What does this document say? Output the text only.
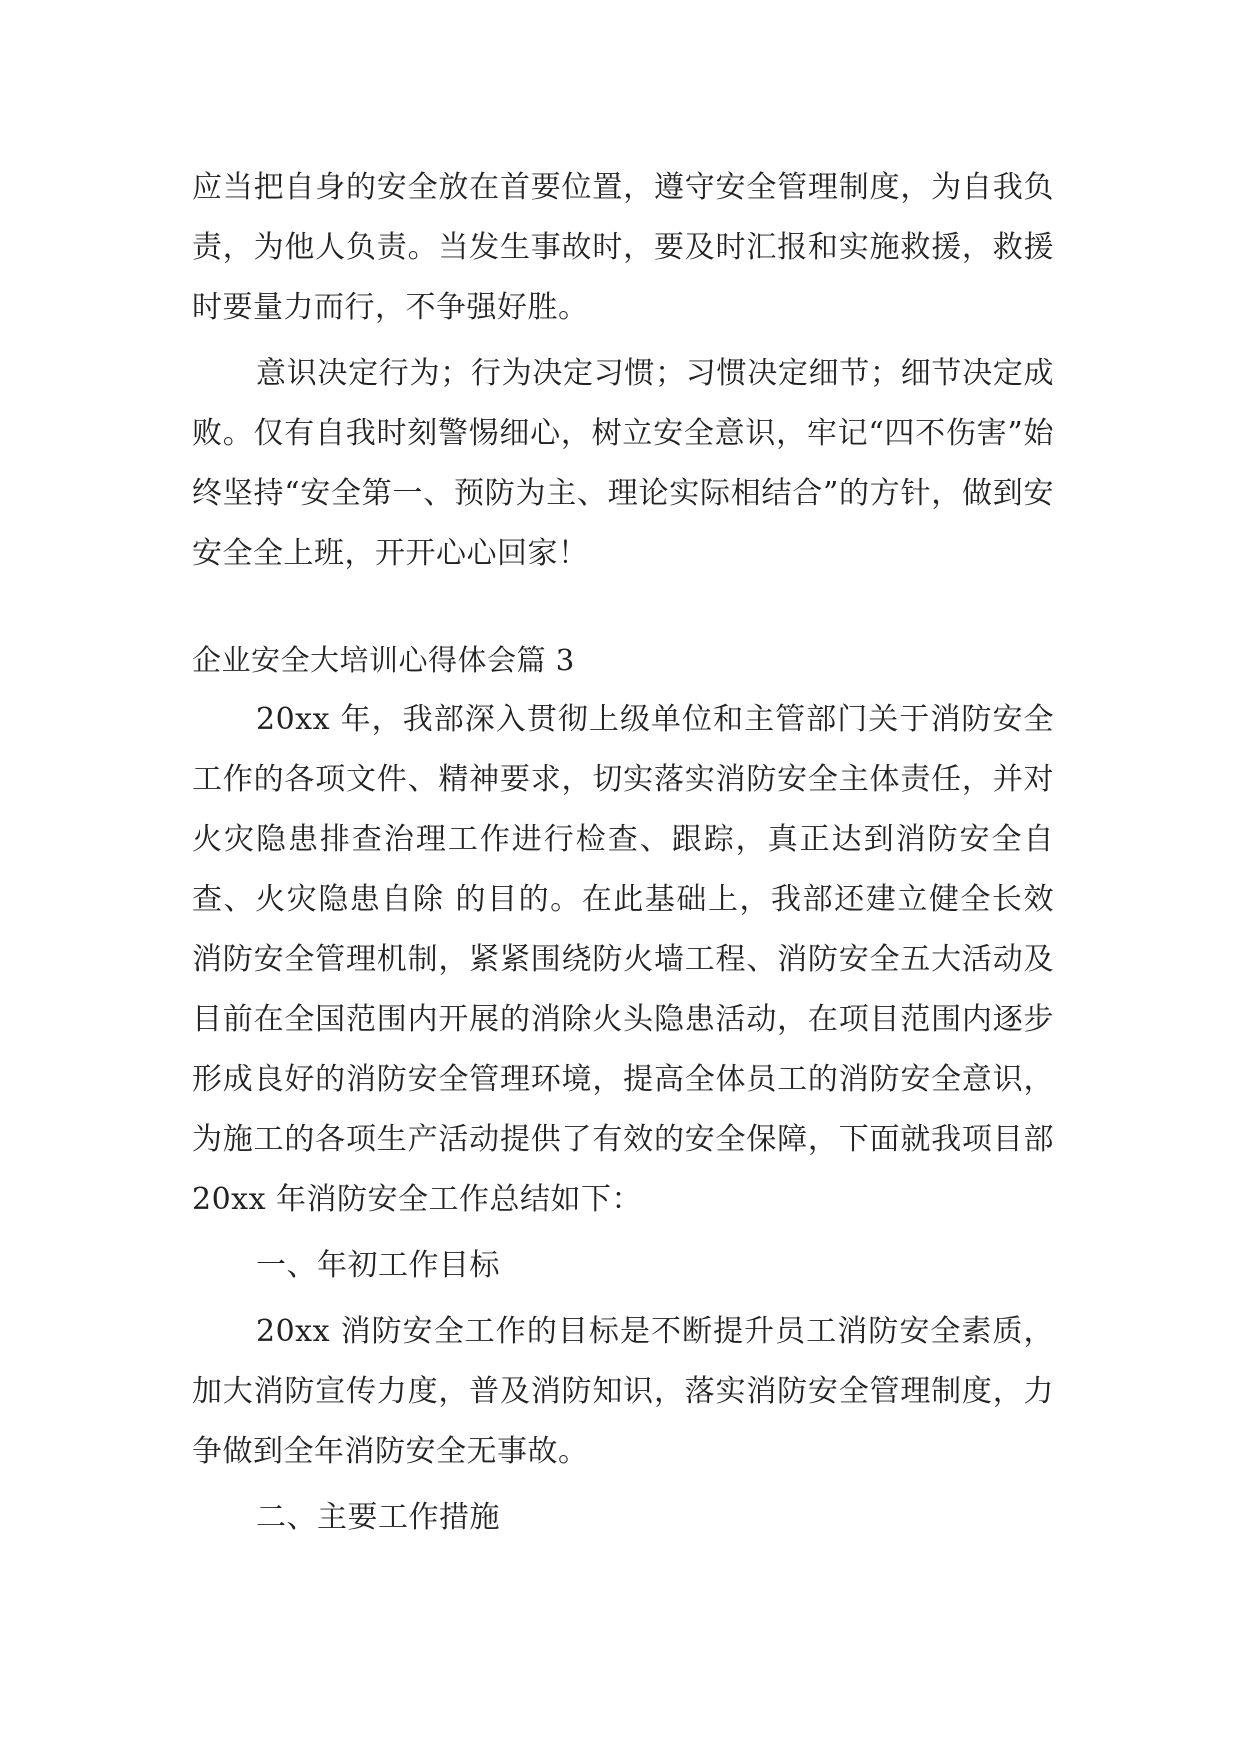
应当把自身的安全放在首要位置，遵守安全管理制度，为自我负责，为他人负责。当发生事故时，要及时汇报和实施救援，救援时要量力而行，不争强好胜。

意识决定行为；行为决定习惯；习惯决定细节；细节决定成败。仅有自我时刻警惕细心，树立安全意识，牢记“四不伤害”始终坚持“安全第一、预防为主、理论实际相结合”的方针，做到安安全全上班，开开心心回家！

企业安全大培训心得体会篇 3

20xx 年，我部深入贯彻上级单位和主管部门关于消防安全工作的各项文件、精神要求，切实落实消防安全主体责任，并对火灾隐患排查治理工作进行检查、跟踪，真正达到消防安全自查、火灾隐患自除 的目的。在此基础上，我部还建立健全长效消防安全管理机制，紧紧围绕防火墙工程、消防安全五大活动及目前在全国范围内开展的消除火头隐患活动，在项目范围内逐步形成良好的消防安全管理环境，提高全体员工的消防安全意识，为施工的各项生产活动提供了有效的安全保障，下面就我项目部 20xx 年消防安全工作总结如下：

一、年初工作目标

20xx 消防安全工作的目标是不断提升员工消防安全素质，加大消防宣传力度，普及消防知识，落实消防安全管理制度，力争做到全年消防安全无事故。

二、主要工作措施
